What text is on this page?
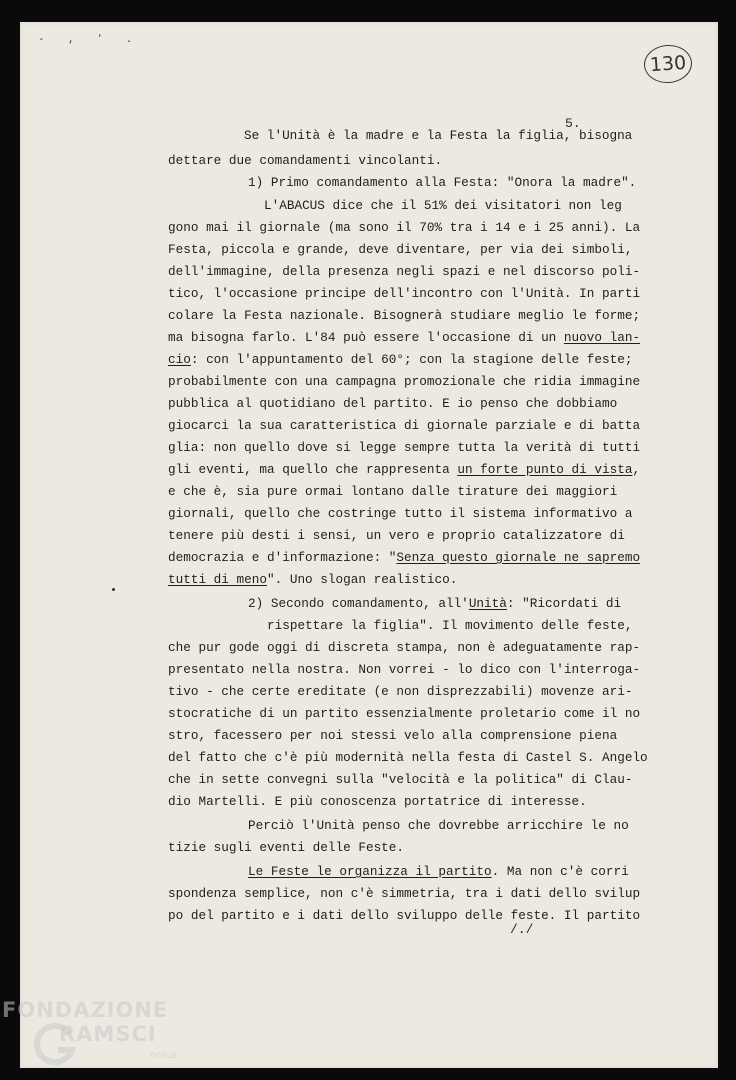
- , ' .
130
5.
Se l'Unità è la madre e la Festa la figlia, bisogna
dettare due comandamenti vincolanti.
1) Primo comandamento alla Festa: "Onora la madre".
L'ABACUS dice che il 51% dei visitatori non leg
gono mai il giornale (ma sono il 70% tra i 14 e i 25 anni). La
Festa, piccola e grande, deve diventare, per via dei simboli,
dell'immagine, della presenza negli spazi e nel discorso poli-
tico, l'occasione principe dell'incontro con l'Unità. In parti
colare la Festa nazionale. Bisognerà studiare meglio le forme;
ma bisogna farlo. L'84 può essere l'occasione di un nuovo lan-
cio: con l'appuntamento del 60°; con la stagione delle feste;
probabilmente con una campagna promozionale che ridia immagine
pubblica al quotidiano del partito. E io penso che dobbiamo
giocarci la sua caratteristica di giornale parziale e di batta
glia: non quello dove si legge sempre tutta la verità di tutti
gli eventi, ma quello che rappresenta un forte punto di vista,
e che è, sia pure ormai lontano dalle tirature dei maggiori
giornali, quello che costringe tutto il sistema informativo a
tenere più desti i sensi, un vero e proprio catalizzatore di
democrazia e d'informazione: "Senza questo giornale ne sapremo
tutti di meno". Uno slogan realistico.
2) Secondo comandamento, all'Unità: "Ricordati di
rispettare la figlia". Il movimento delle feste,
che pur gode oggi di discreta stampa, non è adeguatamente rap-
presentato nella nostra. Non vorrei - lo dico con l'interroga-
tivo - che certe ereditate (e non disprezzabili) movenze ari-
stocratiche di un partito essenzialmente proletario come il no
stro, facessero per noi stessi velo alla comprensione piena
del fatto che c'è più modernità nella festa di Castel S. Angelo
che in sette convegni sulla "velocità e la politica" di Clau-
dio Martelli. E più conoscenza portatrice di interesse.
Perciò l'Unità penso che dovrebbe arricchire le no
tizie sugli eventi delle Feste.
Le Feste le organizza il partito. Ma non c'è corri
spondenza semplice, non c'è simmetria, tra i dati dello svilup
po del partito e i dati dello sviluppo delle feste. Il partito
/./
FONDAZIONE
RAMSCI
onlus
